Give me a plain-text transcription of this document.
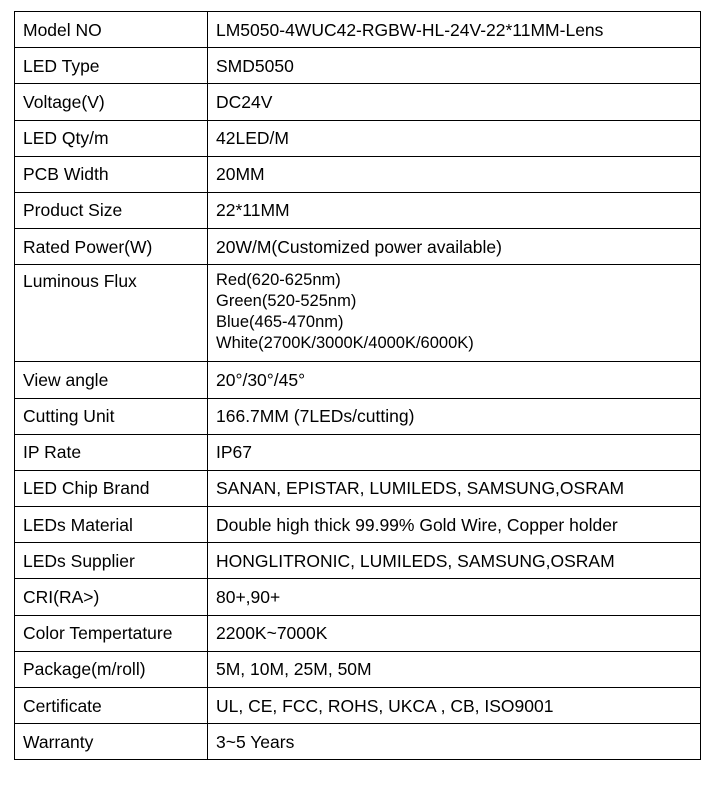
Model NO	LM5050-4WUC42-RGBW-HL-24V-22*11MM-Lens
LED Type	SMD5050
Voltage(V)	DC24V
LED Qty/m	42LED/M
PCB Width	20MM
Product Size	22*11MM
Rated Power(W)	20W/M(Customized power available)
Luminous Flux	Red(620-625nm)
Green(520-525nm)
Blue(465-470nm)
White(2700K/3000K/4000K/6000K)

View angle	20°/30°/45°
Cutting Unit	166.7MM (7LEDs/cutting)
IP Rate	IP67
LED Chip Brand	SANAN, EPISTAR, LUMILEDS, SAMSUNG,OSRAM
LEDs Material	Double high thick 99.99% Gold Wire, Copper holder
LEDs Supplier	HONGLITRONIC, LUMILEDS, SAMSUNG,OSRAM
CRI(RA>)	80+,90+
Color Tempertature	2200K~7000K
Package(m/roll)	5M, 10M, 25M, 50M
Certificate	UL, CE, FCC, ROHS, UKCA , CB, ISO9001
Warranty	3~5 Years
